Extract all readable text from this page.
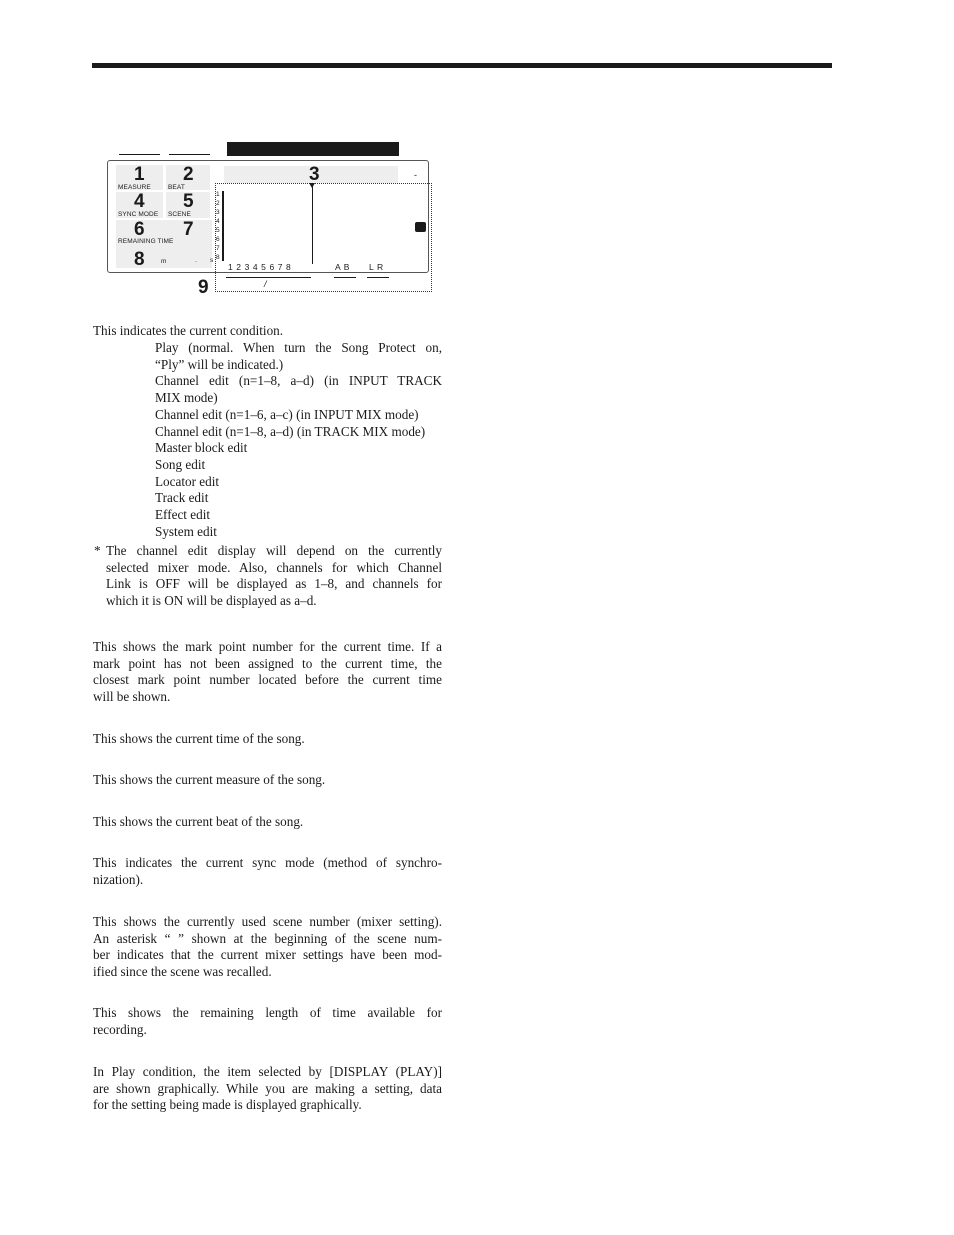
1 2	3
4 5
6 7
8
9
MEASURE	BEAT
SYNC MODE SCENE
REMAINING TIME
m	. s
1
2
3
4
5
6
7
8
1 2 3 4 5 6 7 8	A B L R
/
-
This indicates the current condition.
Play (normal. When turn the Song Protect on,
“Ply” will be indicated.)
Channel edit (n=1–8, a–d) (in INPUT TRACK
MIX mode)
Channel edit (n=1–6, a–c) (in INPUT MIX mode)
Channel edit (n=1–8, a–d) (in TRACK MIX mode)
Master block edit
Song edit
Locator edit
Track edit
Effect edit
System edit
* The channel edit display will depend on the currently
selected mixer mode. Also, channels for which Channel
Link is OFF will be displayed as 1–8, and channels for
which it is ON will be displayed as a–d.
This shows the mark point number for the current time. If a
mark point has not been assigned to the current time, the
closest mark point number located before the current time
will be shown.
This shows the current time of the song.
This shows the current measure of the song.
This shows the current beat of the song.
This indicates the current sync mode (method of synchro-
nization).
This shows the currently used scene number (mixer setting).
An asterisk “ ” shown at the beginning of the scene num-
ber indicates that the current mixer settings have been mod-
ified since the scene was recalled.
This shows the remaining length of time available for
recording.
In Play condition, the item selected by [DISPLAY (PLAY)]
are shown graphically. While you are making a setting, data
for the setting being made is displayed graphically.
